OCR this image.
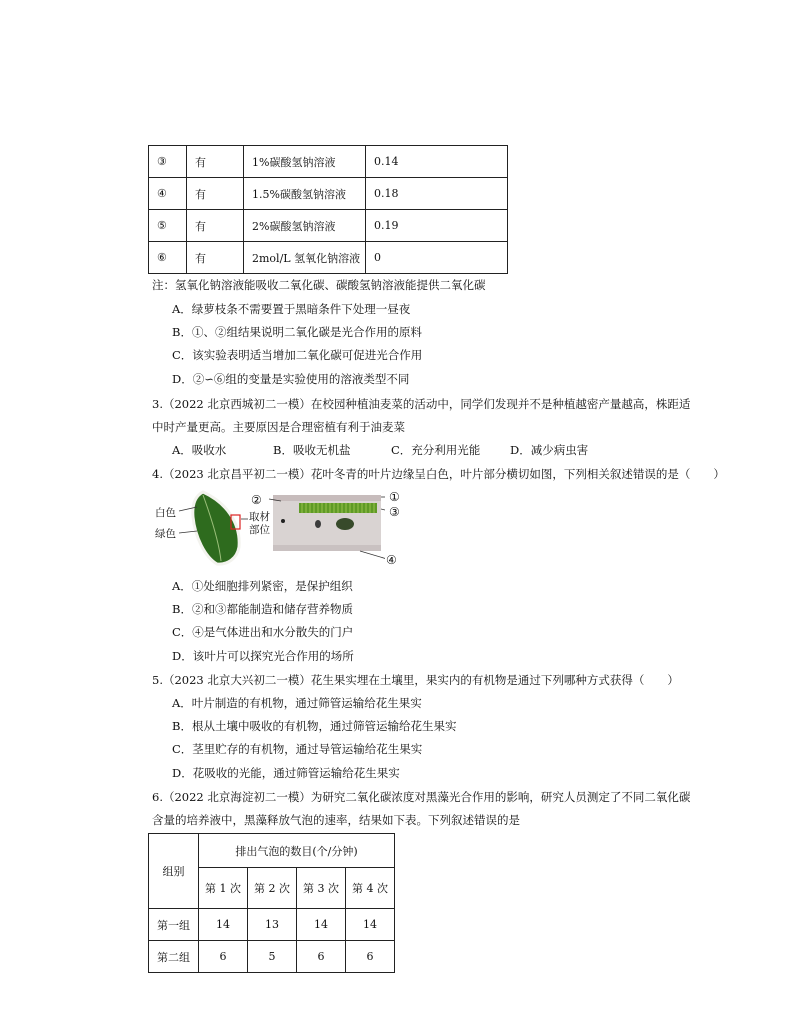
③	有	1%碳酸氢钠溶液	0.14
④	有	1.5%碳酸氢钠溶液	0.18
⑤	有	2%碳酸氢钠溶液	0.19
⑥	有	2mol/L 氢氧化钠溶液	0
注：氢氧化钠溶液能吸收二氧化碳、碳酸氢钠溶液能提供二氧化碳
A．绿萝枝条不需要置于黑暗条件下处理一昼夜
B．①、②组结果说明二氧化碳是光合作用的原料
C．该实验表明适当增加二氧化碳可促进光合作用
D．②∽⑥组的变量是实验使用的溶液类型不同
3.（2022 北京西城初二一模）在校园种植油麦菜的活动中，同学们发现并不是种植越密产量越高，株距适
中时产量更高。主要原因是合理密植有利于油麦菜
A．吸收水	B．吸收无机盐	C．充分利用光能	D．减少病虫害
4.（2023 北京昌平初二一模）花叶冬青的叶片边缘呈白色，叶片部分横切如图，下列相关叙述错误的是（　　）
白色
绿色
取材
部位
②	①
③
④
A．①处细胞排列紧密，是保护组织
B．②和③都能制造和储存营养物质
C．④是气体进出和水分散失的门户
D．该叶片可以探究光合作用的场所
5.（2023 北京大兴初二一模）花生果实埋在土壤里，果实内的有机物是通过下列哪种方式获得（　　）
A．叶片制造的有机物，通过筛管运输给花生果实
B．根从土壤中吸收的有机物，通过筛管运输给花生果实
C．茎里贮存的有机物，通过导管运输给花生果实
D．花吸收的光能，通过筛管运输给花生果实
6.（2022 北京海淀初二一模）为研究二氧化碳浓度对黑藻光合作用的影响，研究人员测定了不同二氧化碳
含量的培养液中，黑藻释放气泡的速率，结果如下表。下列叙述错误的是
组别	排出气泡的数目(个/分钟)			
	第 1 次	第 2 次	第 3 次	第 4 次
第一组	14	13	14	14
第二组	6	5	6	6
